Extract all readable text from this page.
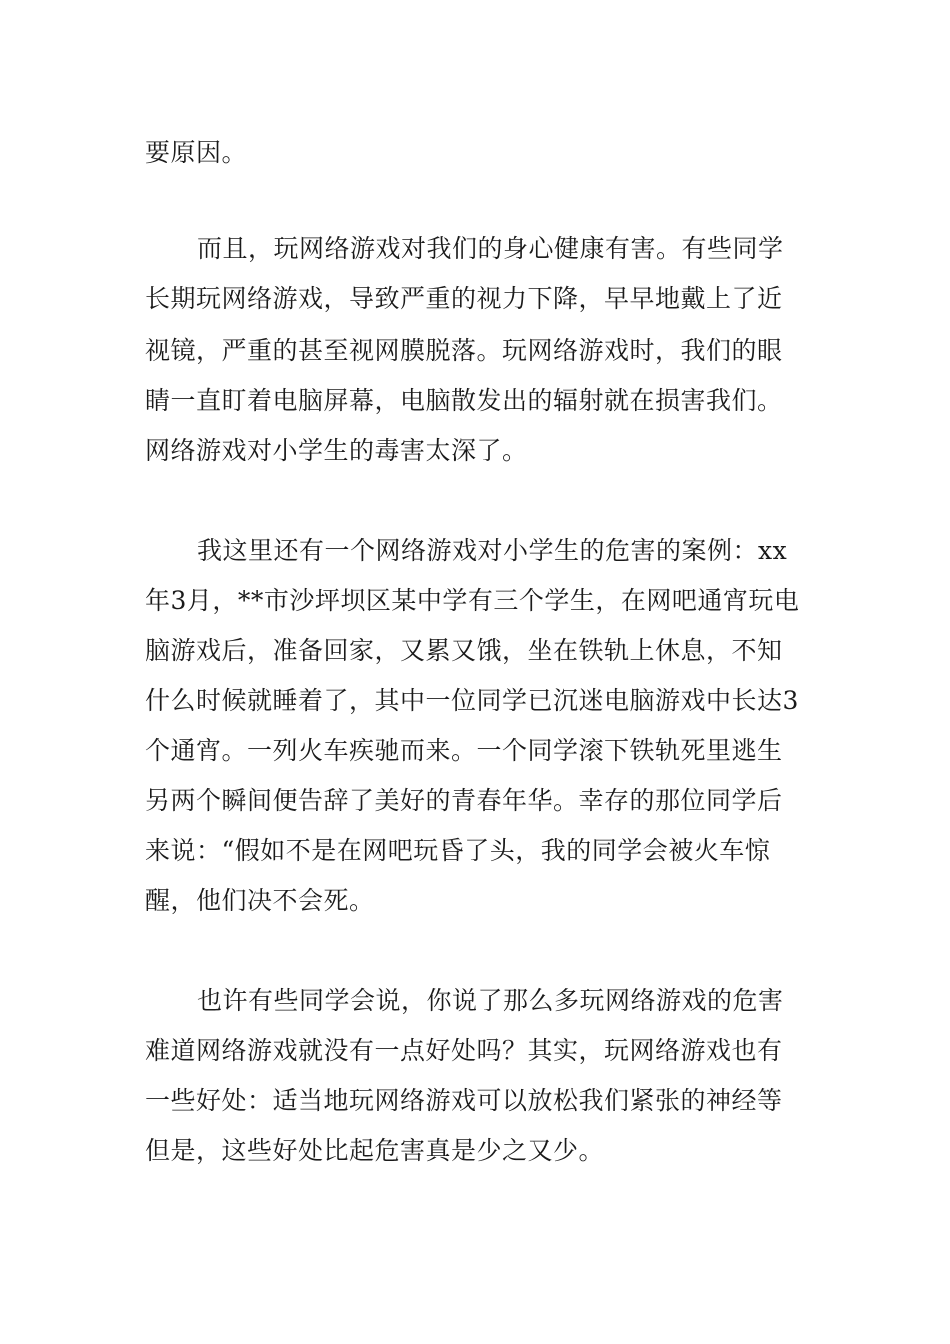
要原因。
而且，玩网络游戏对我们的身心健康有害。有些同学
长期玩网络游戏，导致严重的视力下降，早早地戴上了近
视镜，严重的甚至视网膜脱落。玩网络游戏时，我们的眼
睛一直盯着电脑屏幕，电脑散发出的辐射就在损害我们。
网络游戏对小学生的毒害太深了。
我这里还有一个网络游戏对小学生的危害的案例：xx
年3月，**市沙坪坝区某中学有三个学生，在网吧通宵玩电
脑游戏后，准备回家，又累又饿，坐在铁轨上休息，不知
什么时候就睡着了，其中一位同学已沉迷电脑游戏中长达3
个通宵。一列火车疾驰而来。一个同学滚下铁轨死里逃生
另两个瞬间便告辞了美好的青春年华。幸存的那位同学后
来说：“假如不是在网吧玩昏了头，我的同学会被火车惊
醒，他们决不会死。
也许有些同学会说，你说了那么多玩网络游戏的危害
难道网络游戏就没有一点好处吗？其实，玩网络游戏也有
一些好处：适当地玩网络游戏可以放松我们紧张的神经等
但是，这些好处比起危害真是少之又少。
